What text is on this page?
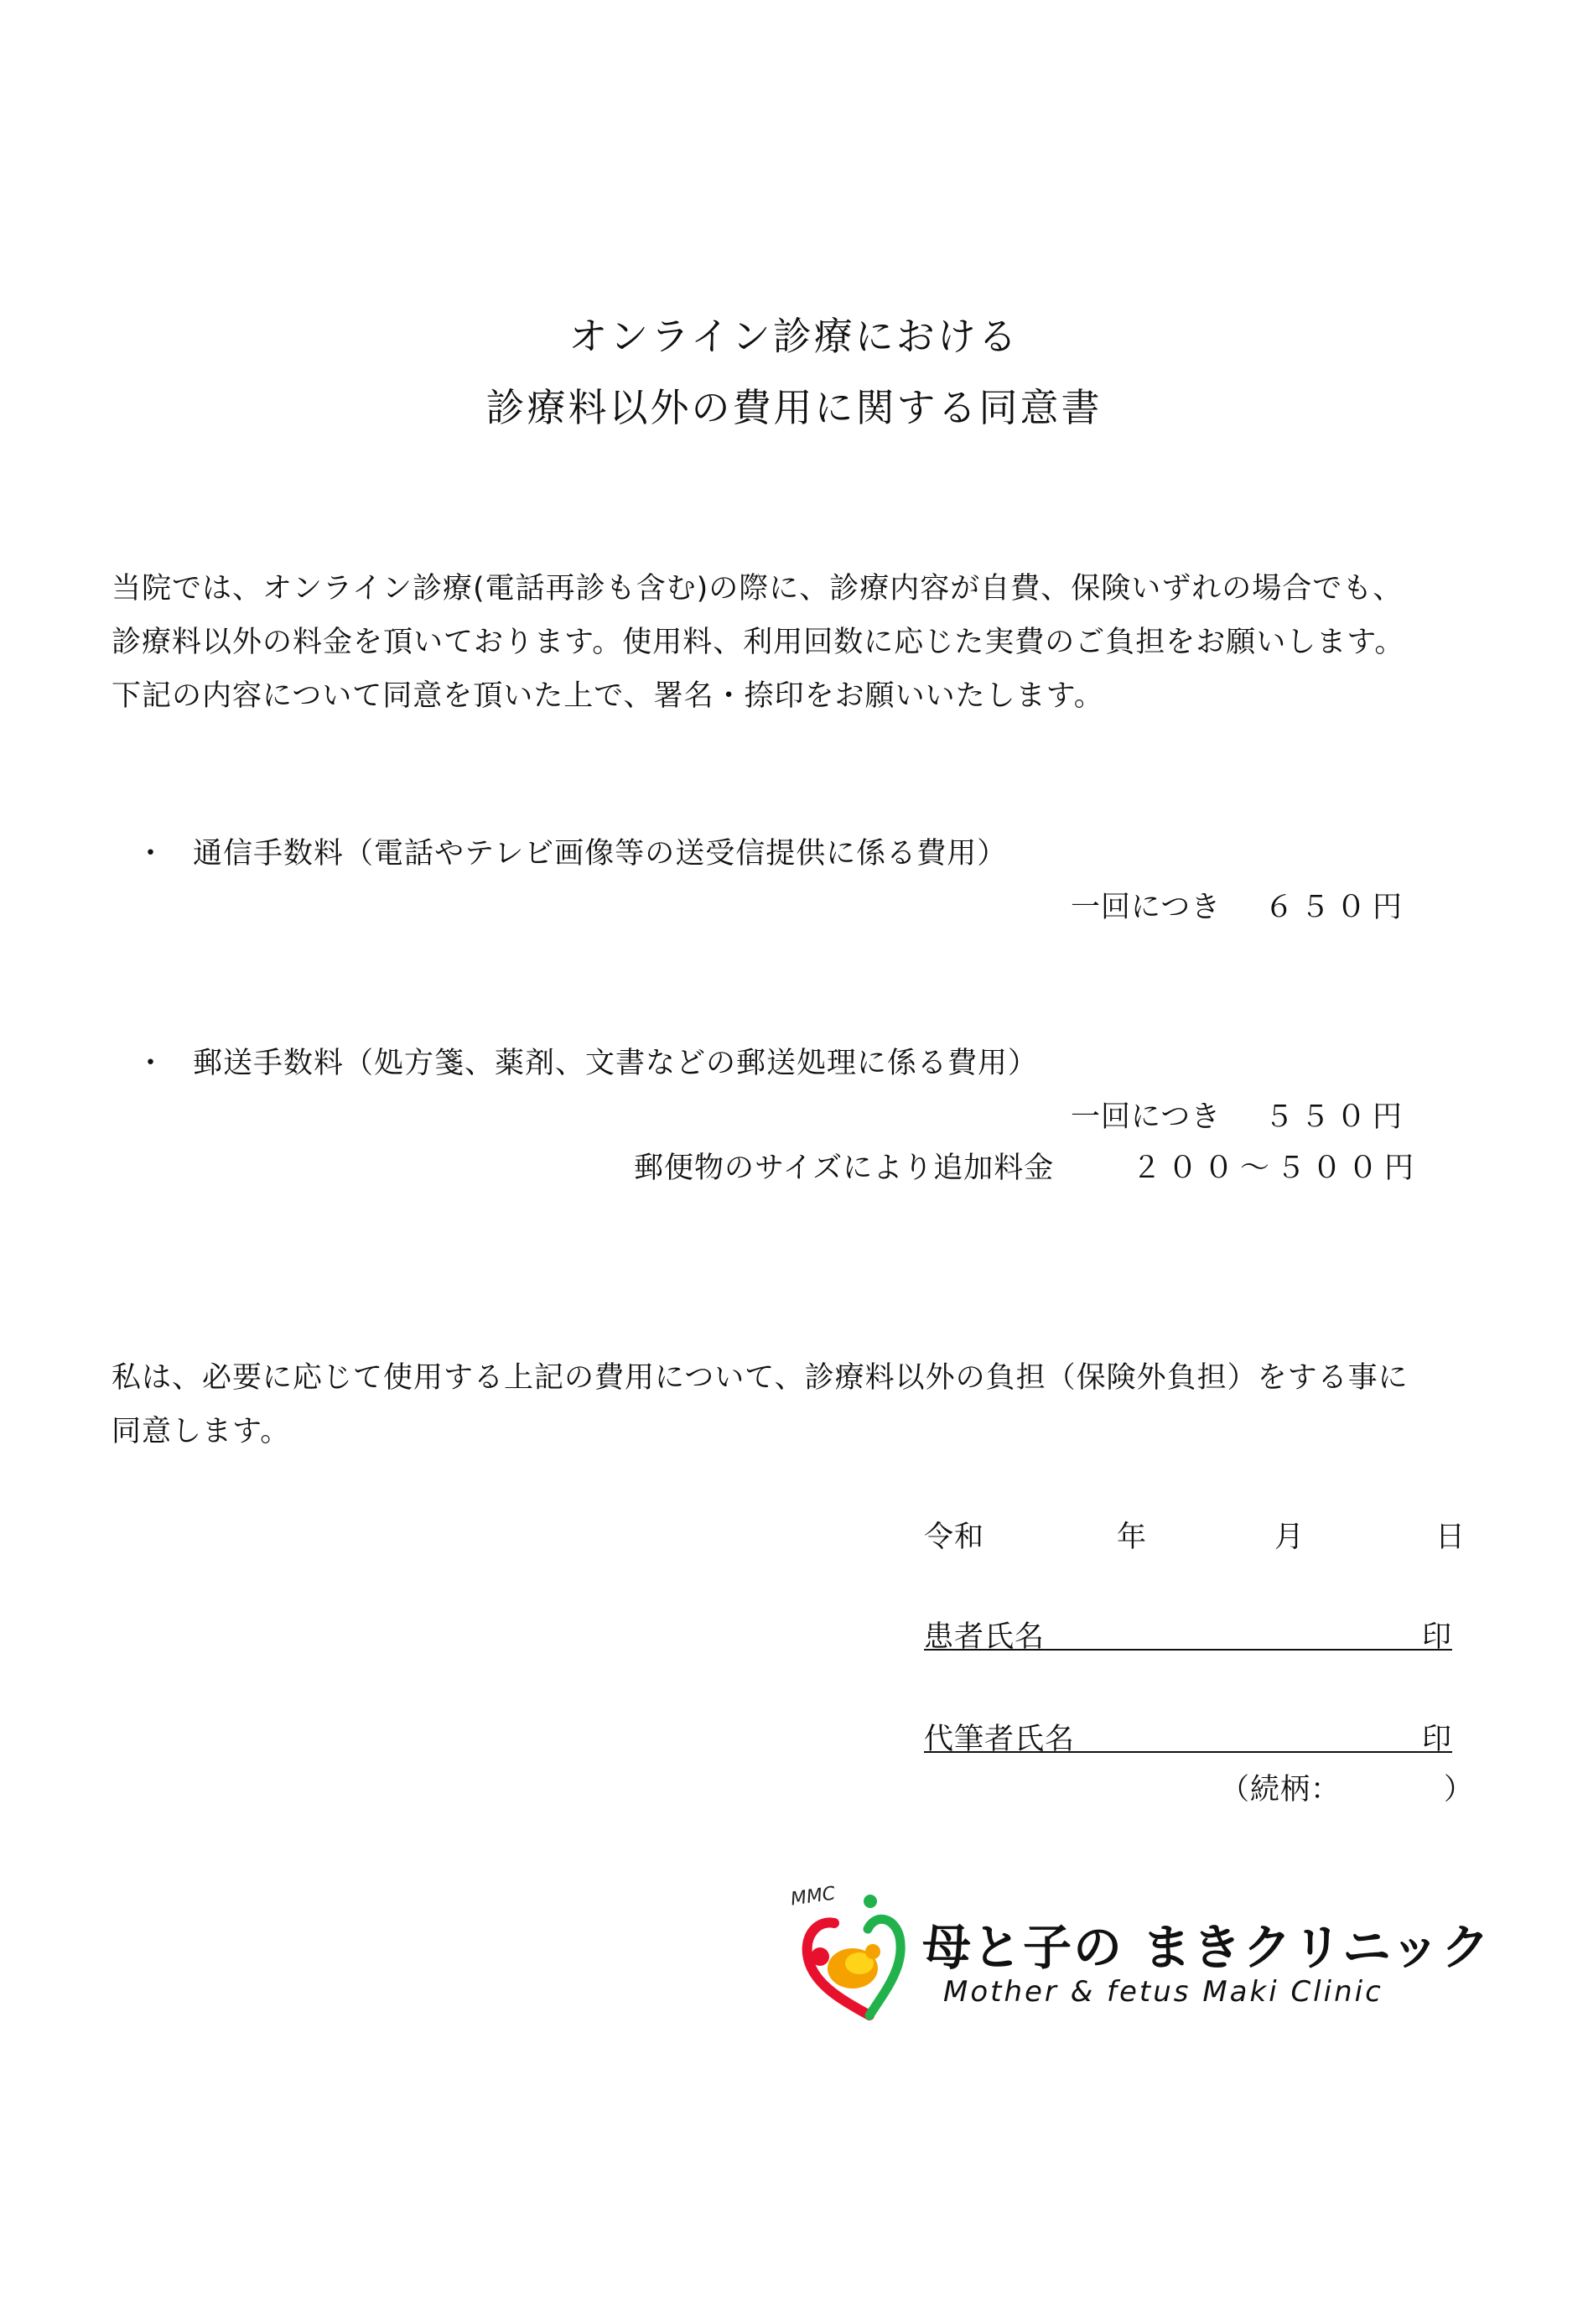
オンライン診療における
診療料以外の費用に関する同意書
当院では、オンライン診療(電話再診も含む)の際に、診療内容が自費、保険いずれの場合でも、
診療料以外の料金を頂いております。使用料、利用回数に応じた実費のご負担をお願いします。
下記の内容について同意を頂いた上で、署名・捺印をお願いいたします。
・ 通信手数料（電話やテレビ画像等の送受信提供に係る費用）
一回につき ６５０円
・ 郵送手数料（処方箋、薬剤、文書などの郵送処理に係る費用）
一回につき ５５０円
郵便物のサイズにより追加料金	２００～５００円
私は、必要に応じて使用する上記の費用について、診療料以外の負担（保険外負担）をする事に
同意します。
令和	年	月	日
患者氏名	印
代筆者氏名	印
（続柄：	）
MMC
母と子の まきクリニック
Mother & fetus Maki Clinic
